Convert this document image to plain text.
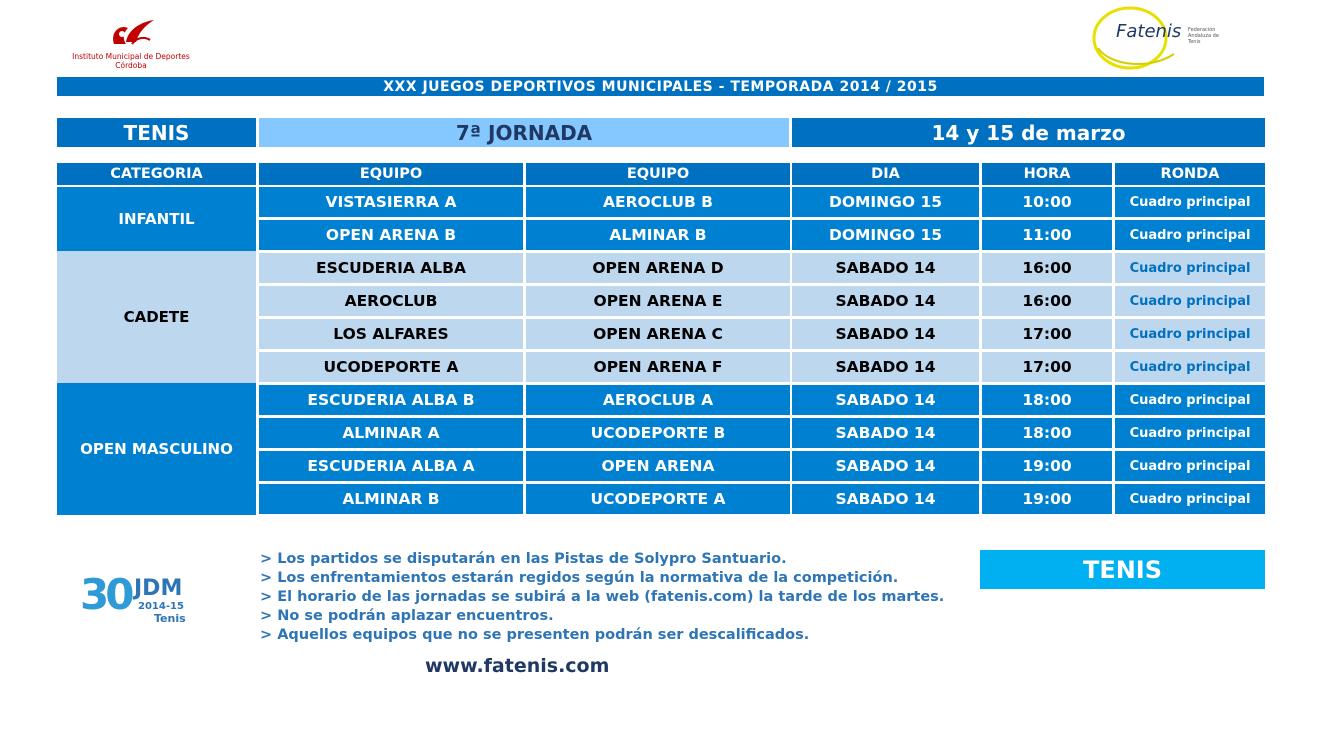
Instituto Municipal de Deportes
Córdoba
Fatenis Federación Andaluza de Tenis
XXX JUEGOS DEPORTIVOS MUNICIPALES - TEMPORADA 2014 / 2015
TENIS	7ª JORNADA	14 y 15 de marzo
CATEGORIA	EQUIPO	EQUIPO	DIA	HORA	RONDA
INFANTIL
VISTASIERRA A	AEROCLUB B	DOMINGO 15	10:00	Cuadro principal
OPEN ARENA B	ALMINAR B	DOMINGO 15	11:00	Cuadro principal
CADETE
ESCUDERIA ALBA	OPEN ARENA D	SABADO 14	16:00	Cuadro principal
AEROCLUB	OPEN ARENA E	SABADO 14	16:00	Cuadro principal
LOS ALFARES	OPEN ARENA C	SABADO 14	17:00	Cuadro principal
UCODEPORTE A	OPEN ARENA F	SABADO 14	17:00	Cuadro principal
OPEN MASCULINO
ESCUDERIA ALBA B	AEROCLUB A	SABADO 14	18:00	Cuadro principal
ALMINAR A	UCODEPORTE B	SABADO 14	18:00	Cuadro principal
ESCUDERIA ALBA A	OPEN ARENA	SABADO 14	19:00	Cuadro principal
ALMINAR B	UCODEPORTE A	SABADO 14	19:00	Cuadro principal
30 JDM
2014-15
Tenis
> Los partidos se disputarán en las Pistas de Solypro Santuario.
> Los enfrentamientos estarán regidos según la normativa de la competición.
> El horario de las jornadas se subirá a la web (fatenis.com) la tarde de los martes.
> No se podrán aplazar encuentros.
> Aquellos equipos que no se presenten podrán ser descalificados.
www.fatenis.com
TENIS
